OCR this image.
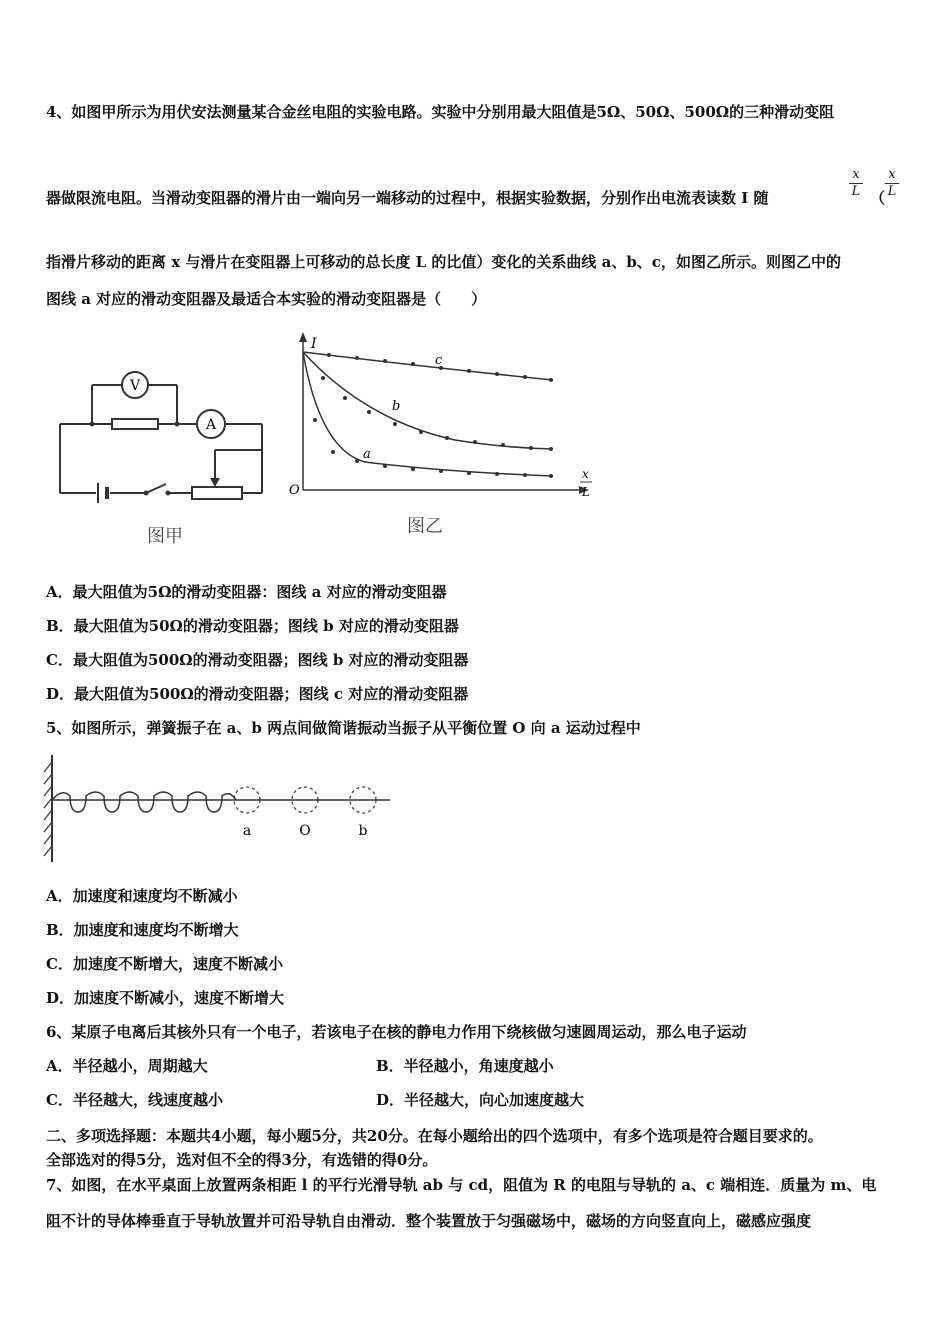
4、如图甲所示为用伏安法测量某合金丝电阻的实验电路。实验中分别用最大阻值是5Ω、50Ω、500Ω的三种滑动变阻
x
L
x
L
器做限流电阻。当滑动变阻器的滑片由一端向另一端移动的过程中，根据实验数据，分别作出电流表读数 I 随	（
指滑片移动的距离 x 与滑片在变阻器上可移动的总长度 L 的比值）变化的关系曲线 a、b、c，如图乙所示。则图乙中的
图线 a 对应的滑动变阻器及最适合本实验的滑动变阻器是（　　）
V
A
图甲
I
O
x
L
c
b
a
图乙
A．最大阻值为5Ω的滑动变阻器：图线 a 对应的滑动变阻器
B．最大阻值为50Ω的滑动变阻器；图线 b 对应的滑动变阻器
C．最大阻值为500Ω的滑动变阻器；图线 b 对应的滑动变阻器
D．最大阻值为500Ω的滑动变阻器；图线 c 对应的滑动变阻器
5、如图所示，弹簧振子在 a、b 两点间做简谐振动当振子从平衡位置 O 向 a 运动过程中
a	O	b
A．加速度和速度均不断减小
B．加速度和速度均不断增大
C．加速度不断增大，速度不断减小
D．加速度不断减小，速度不断增大
6、某原子电离后其核外只有一个电子，若该电子在核的静电力作用下绕核做匀速圆周运动，那么电子运动
A．半径越小，周期越大	B．半径越小，角速度越小
C．半径越大，线速度越小	D．半径越大，向心加速度越大
二、多项选择题：本题共4小题，每小题5分，共20分。在每小题给出的四个选项中，有多个选项是符合题目要求的。
全部选对的得5分，选对但不全的得3分，有选错的得0分。
7、如图，在水平桌面上放置两条相距 l 的平行光滑导轨 ab 与 cd，阻值为 R 的电阻与导轨的 a、c 端相连．质量为 m、电
阻不计的导体棒垂直于导轨放置并可沿导轨自由滑动．整个装置放于匀强磁场中，磁场的方向竖直向上，磁感应强度
